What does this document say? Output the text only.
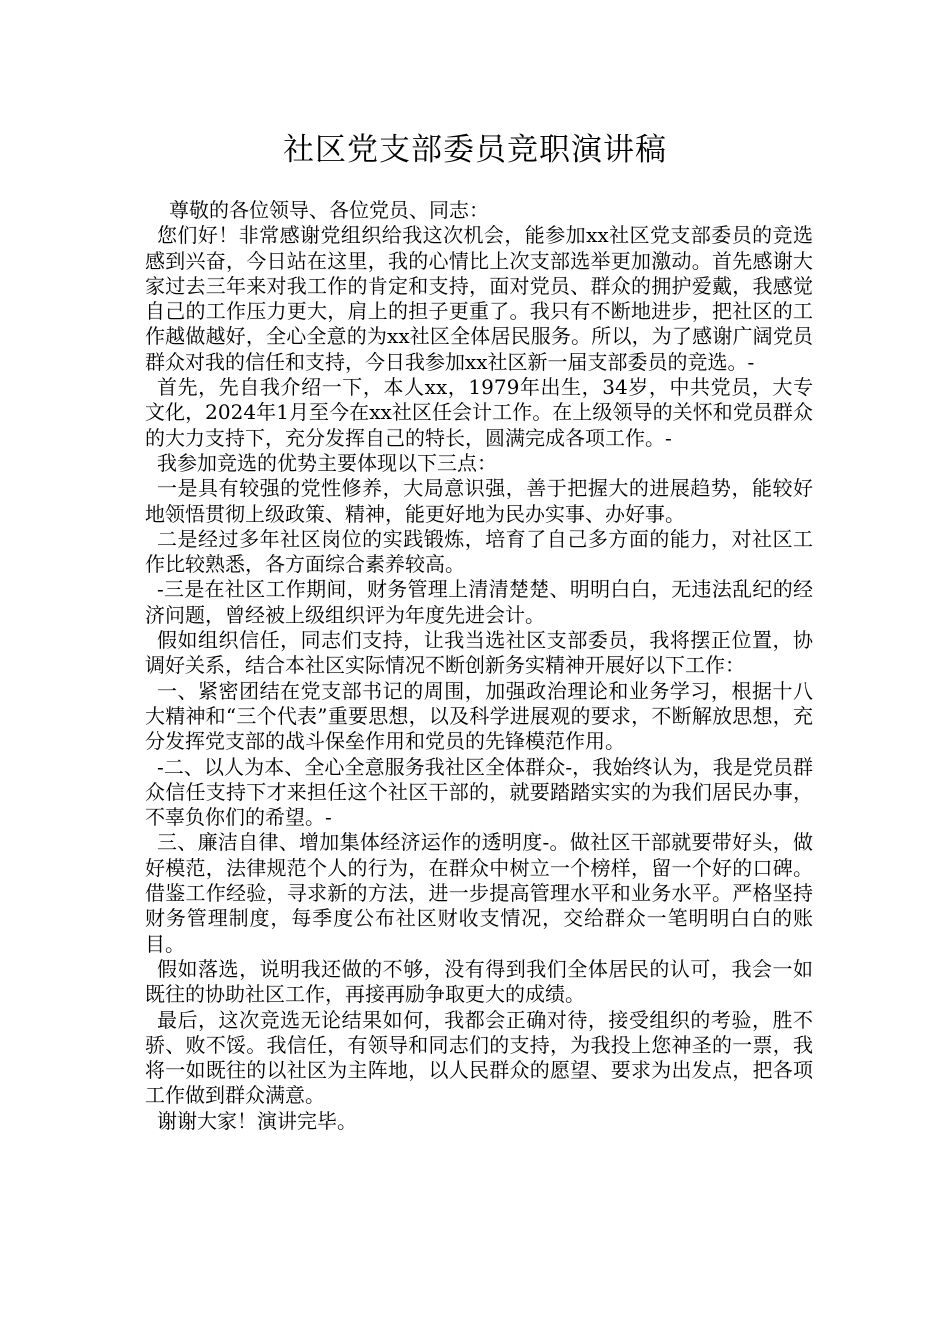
社区党支部委员竞职演讲稿

尊敬的各位领导、各位党员、同志：

您们好！非常感谢党组织给我这次机会，能参加xx社区党支部委员的竞选感到兴奋，今日站在这里，我的心情比上次支部选举更加激动。首先感谢大家过去三年来对我工作的肯定和支持，面对党员、群众的拥护爱戴，我感觉自己的工作压力更大，肩上的担子更重了。我只有不断地进步，把社区的工作越做越好，全心全意的为xx社区全体居民服务。所以，为了感谢广阔党员群众对我的信任和支持，今日我参加xx社区新一届支部委员的竞选。-

首先，先自我介绍一下，本人xx，1979年出生，34岁，中共党员，大专文化，2024年1月至今在xx社区任会计工作。在上级领导的关怀和党员群众的大力支持下，充分发挥自己的特长，圆满完成各项工作。-

我参加竞选的优势主要体现以下三点：

一是具有较强的党性修养，大局意识强，善于把握大的进展趋势，能较好地领悟贯彻上级政策、精神，能更好地为民办实事、办好事。

二是经过多年社区岗位的实践锻炼，培育了自己多方面的能力，对社区工作比较熟悉，各方面综合素养较高。

-三是在社区工作期间，财务管理上清清楚楚、明明白白，无违法乱纪的经济问题，曾经被上级组织评为年度先进会计。

假如组织信任，同志们支持，让我当选社区支部委员，我将摆正位置，协调好关系，结合本社区实际情况不断创新务实精神开展好以下工作：

一、紧密团结在党支部书记的周围，加强政治理论和业务学习，根据十八大精神和“三个代表”重要思想，以及科学进展观的要求，不断解放思想，充分发挥党支部的战斗保垒作用和党员的先锋模范作用。

-二、以人为本、全心全意服务我社区全体群众-，我始终认为，我是党员群众信任支持下才来担任这个社区干部的，就要踏踏实实的为我们居民办事，不辜负你们的希望。-

三、廉洁自律、增加集体经济运作的透明度-。做社区干部就要带好头，做好模范，法律规范个人的行为，在群众中树立一个榜样，留一个好的口碑。借鉴工作经验，寻求新的方法，进一步提高管理水平和业务水平。严格坚持财务管理制度，每季度公布社区财收支情况，交给群众一笔明明白白的账目。

假如落选，说明我还做的不够，没有得到我们全体居民的认可，我会一如既往的协助社区工作，再接再励争取更大的成绩。

最后，这次竞选无论结果如何，我都会正确对待，接受组织的考验，胜不骄、败不馁。我信任，有领导和同志们的支持，为我投上您神圣的一票，我将一如既往的以社区为主阵地，以人民群众的愿望、要求为出发点，把各项工作做到群众满意。

谢谢大家！演讲完毕。
